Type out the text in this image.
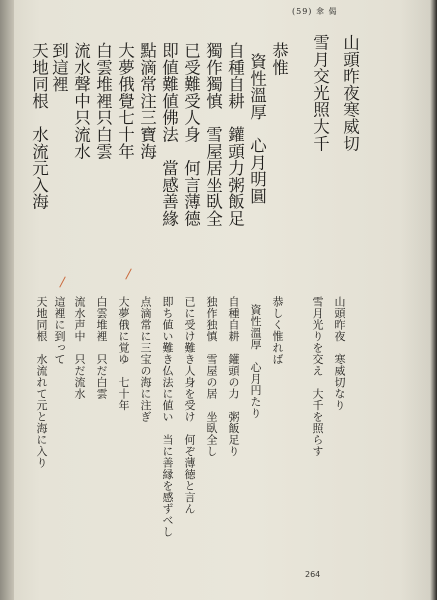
(59) 傘 偈
山頭昨夜寒威切
雪月交光照大千
恭惟
資性溫厚　心月明圓
自種自耕　鑵頭力粥飯足
獨作獨慎　雪屋居坐臥全
已受難受人身　何言薄德
即値難値佛法　當感善緣
點滴常注三寶海
大夢俄覺七十年
白雲堆裡只白雲
流水聲中只流水
到這裡
天地同根　水流元入海
山頭昨夜　寒威切なり
雪月光りを交え　大千を照らす
恭しく惟れば
資性溫厚　心月円たり
自種自耕　鑵頭の力　粥飯足り
独作独慎　雪屋の居　坐臥全し
已に受け難き人身を受け　何ぞ薄徳と言ん
即ち値い難き仏法に値い　当に善縁を感ずべし
点滴常に三宝の海に注ぎ
大夢俄に覚ゆ　七十年
白雲堆裡　只だ白雲
流水声中　只だ流水
這裡に到って
天地同根　水流れて元と海に入り
264
